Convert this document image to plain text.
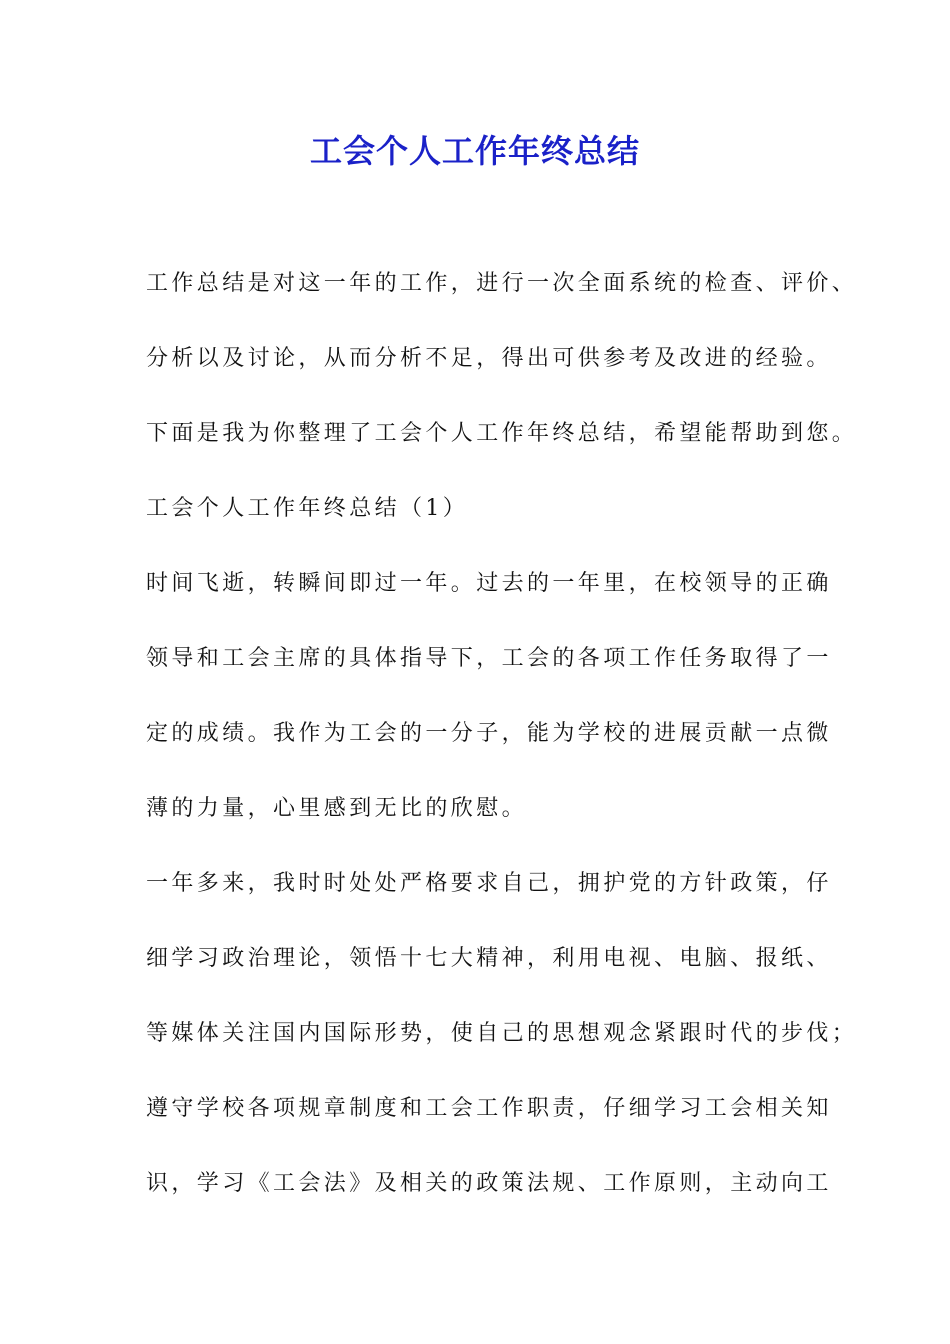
工会个人工作年终总结
工作总结是对这一年的工作，进行一次全面系统的检查、评价、
分析以及讨论，从而分析不足，得出可供参考及改进的经验。
下面是我为你整理了工会个人工作年终总结，希望能帮助到您。
工会个人工作年终总结（1）
时间飞逝，转瞬间即过一年。过去的一年里，在校领导的正确
领导和工会主席的具体指导下，工会的各项工作任务取得了一
定的成绩。我作为工会的一分子，能为学校的进展贡献一点微
薄的力量，心里感到无比的欣慰。
一年多来，我时时处处严格要求自己，拥护党的方针政策，仔
细学习政治理论，领悟十七大精神，利用电视、电脑、报纸、
等媒体关注国内国际形势，使自己的思想观念紧跟时代的步伐；
遵守学校各项规章制度和工会工作职责，仔细学习工会相关知
识，学习《工会法》及相关的政策法规、工作原则，主动向工
